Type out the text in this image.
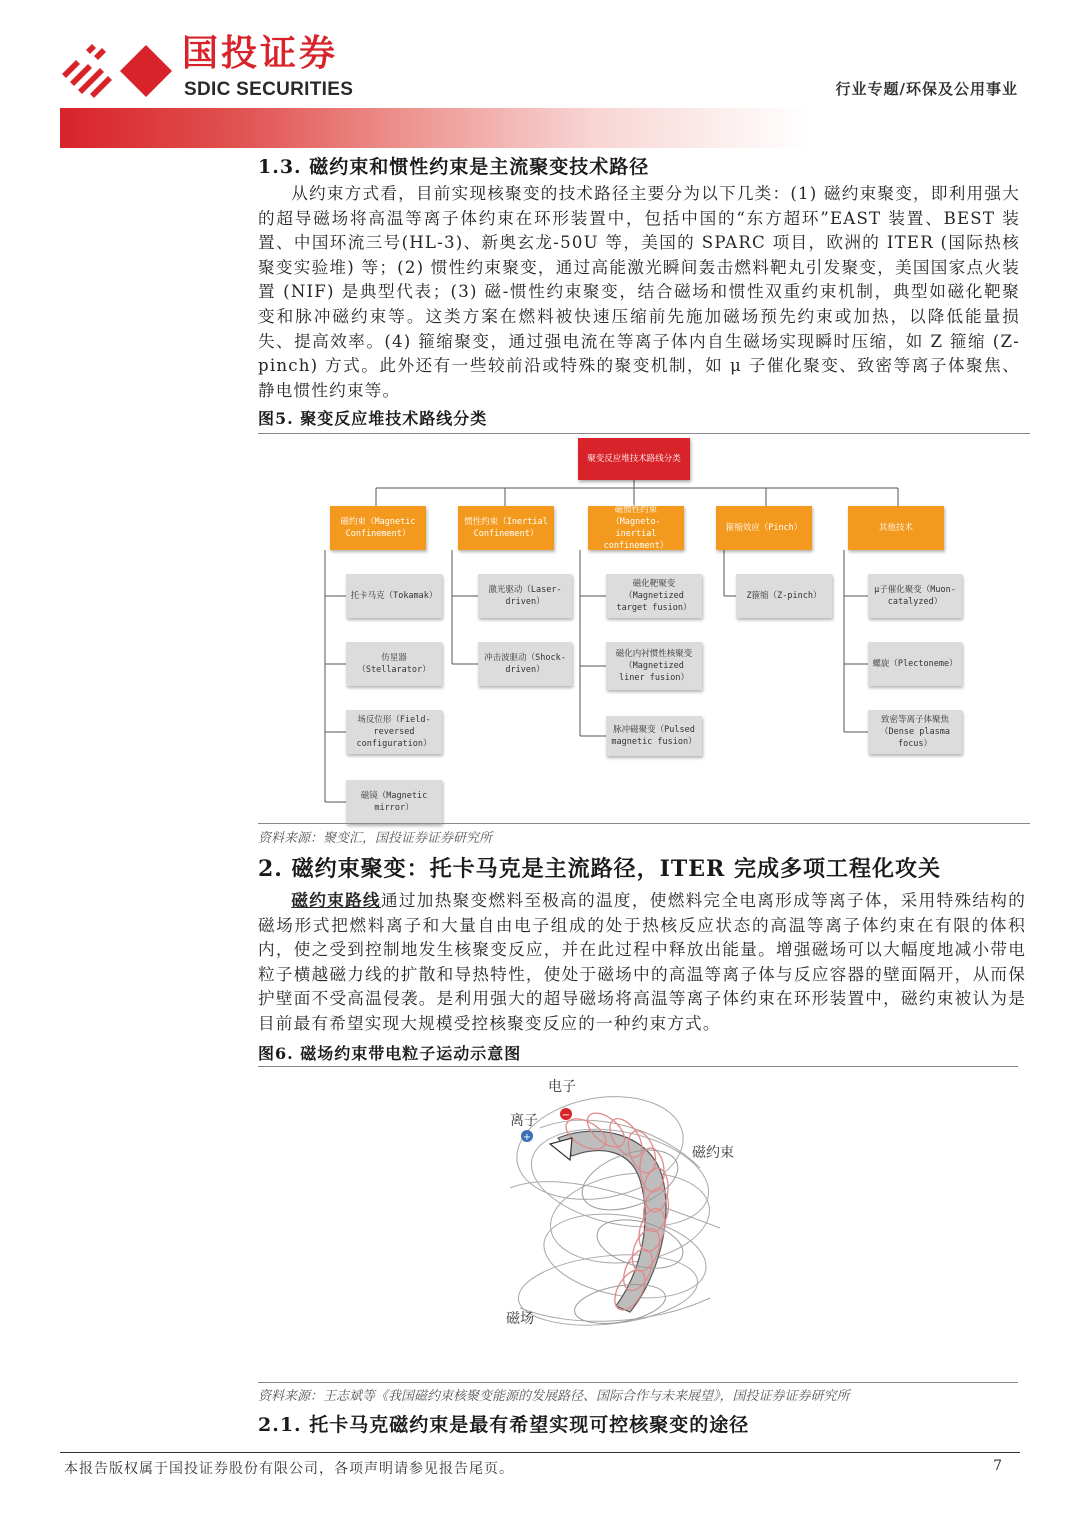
国投证券
SDIC SECURITIES	行业专题/环保及公用事业
1.3. 磁约束和惯性约束是主流聚变技术路径
从约束方式看，目前实现核聚变的技术路径主要分为以下几类：(1) 磁约束聚变，即利用强大的超导磁场将高温等离子体约束在环形装置中，包括中国的“东方超环”EAST 装置、BEST 装置、中国环流三号(HL-3)、新奥玄龙-50U 等，美国的 SPARC 项目，欧洲的 ITER (国际热核聚变实验堆) 等；(2) 惯性约束聚变，通过高能激光瞬间轰击燃料靶丸引发聚变，美国国家点火装置 (NIF) 是典型代表；(3) 磁-惯性约束聚变，结合磁场和惯性双重约束机制，典型如磁化靶聚变和脉冲磁约束等。这类方案在燃料被快速压缩前先施加磁场预先约束或加热，以降低能量损失、提高效率。(4) 箍缩聚变，通过强电流在等离子体内自生磁场实现瞬时压缩，如 Z 箍缩 (Z-pinch) 方式。此外还有一些较前沿或特殊的聚变机制，如 μ 子催化聚变、致密等离子体聚焦、静电惯性约束等。
图5. 聚变反应堆技术路线分类
聚变反应堆技术路线分类
磁约束（Magnetic Confinement）
惯性约束（Inertial Confinement）
磁惯性约束（Magneto-inertial confinement）
箍缩效应（Pinch）	其他技术
托卡马克（Tokamak）
仿星器（Stellarator）
场反位形（Field-reversed configuration）
磁镜（Magnetic mirror）
激光驱动（Laser-driven）
冲击波驱动（Shock-driven）
磁化靶聚变（Magnetized target fusion）
磁化内衬惯性核聚变（Magnetized liner fusion）
脉冲磁聚变（Pulsed magnetic fusion）
Z箍缩（Z-pinch）
μ子催化聚变（Muon-catalyzed）
螺旋（Plectoneme）
致密等离子体聚焦（Dense plasma focus）
资料来源：聚变汇，国投证券证券研究所
2. 磁约束聚变：托卡马克是主流路径，ITER 完成多项工程化攻关
磁约束路线通过加热聚变燃料至极高的温度，使燃料完全电离形成等离子体，采用特殊结构的磁场形式把燃料离子和大量自由电子组成的处于热核反应状态的高温等离子体约束在有限的体积内，使之受到控制地发生核聚变反应，并在此过程中释放出能量。增强磁场可以大幅度地减小带电粒子横越磁力线的扩散和导热特性，使处于磁场中的高温等离子体与反应容器的壁面隔开，从而保护壁面不受高温侵袭。是利用强大的超导磁场将高温等离子体约束在环形装置中，磁约束被认为是目前最有希望实现大规模受控核聚变反应的一种约束方式。
图6. 磁场约束带电粒子运动示意图
+
−
电子
离子
磁约束
磁场
资料来源：王志斌等《我国磁约束核聚变能源的发展路径、国际合作与未来展望》，国投证券证券研究所
2.1. 托卡马克磁约束是最有希望实现可控核聚变的途径
本报告版权属于国投证券股份有限公司，各项声明请参见报告尾页。	7
